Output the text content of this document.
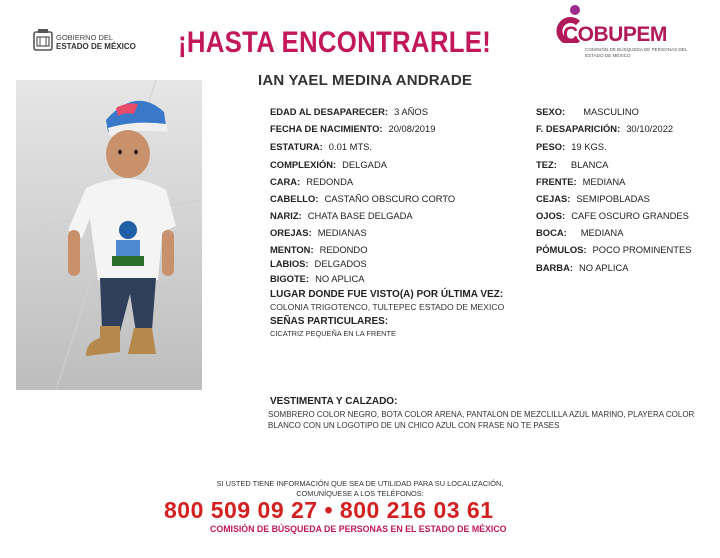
GOBIERNO DEL
ESTADO DE MÉXICO ¡HASTA ENCONTRARLE!	COBUPEM
COMISIÓN DE BÚSQUEDA DE PERSONAS DEL ESTADO DE MÉXICO
IAN YAEL MEDINA ANDRADE
EDAD AL DESAPARECER: 3 AÑOS
FECHA DE NACIMIENTO: 20/08/2019
ESTATURA: 0.01 MTS.
COMPLEXIÓN: DELGADA
CARA: REDONDA
CABELLO: CASTAÑO OBSCURO CORTO
NARIZ: CHATA BASE DELGADA
OREJAS: MEDIANAS
MENTON: REDONDO
LABIOS: DELGADOS
BIGOTE: NO APLICA
SEXO: MASCULINO
F. DESAPARICIÓN: 30/10/2022
PESO: 19 KGS.
TEZ: BLANCA
FRENTE: MEDIANA
CEJAS: SEMIPOBLADAS
OJOS: CAFE OSCURO GRANDES
BOCA: MEDIANA
PÓMULOS: POCO PROMINENTES
BARBA: NO APLICA
LUGAR DONDE FUE VISTO(A) POR ÚLTIMA VEZ:
COLONIA TRIGOTENCO, TULTEPEC ESTADO DE MEXICO
SEÑAS PARTICULARES:
CICATRIZ PEQUEÑA EN LA FRENTE
VESTIMENTA Y CALZADO:
SOMBRERO COLOR NEGRO, BOTA COLOR ARENA, PANTALON DE MEZCLILLA AZUL MARINO, PLAYERA COLOR BLANCO CON UN LOGOTIPO DE UN CHICO AZUL CON FRASE NO TE PASES
SI USTED TIENE INFORMACIÓN QUE SEA DE UTILIDAD PARA SU LOCALIZACIÓN,
COMUNÍQUESE A LOS TELÉFONOS:
800 509 09 27 • 800 216 03 61
COMISIÓN DE BÚSQUEDA DE PERSONAS EN EL ESTADO DE MÉXICO
